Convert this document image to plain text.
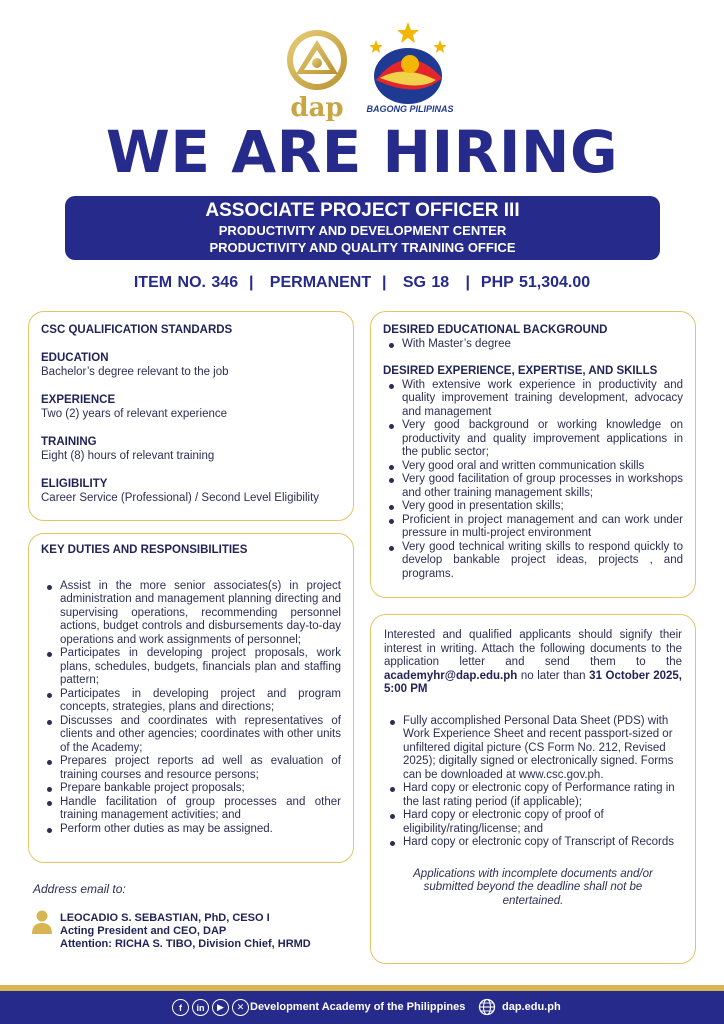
dap	BAGONG PILIPINAS
WE ARE HIRING
ASSOCIATE PROJECT OFFICER III
PRODUCTIVITY AND DEVELOPMENT CENTER
PRODUCTIVITY AND QUALITY TRAINING OFFICE
ITEM NO. 346  |   PERMANENT  |   SG 18   |  PHP 51,304.00
CSC QUALIFICATION STANDARDS
EDUCATION

Bachelor’s degree relevant to the job

EXPERIENCE

Two (2) years of relevant experience

TRAINING

Eight (8) hours of relevant training

ELIGIBILITY

Career Service (Professional) / Second Level Eligibility

KEY DUTIES AND RESPONSIBILITIES
Assist in the more senior associates(s) in project administration and management planning directing and supervising operations, recommending personnel actions, budget controls and disbursements day-to-day operations and work assignments of personnel;
Participates in developing project proposals, work plans, schedules, budgets, financials plan and staffing pattern;
Participates in developing project and program concepts, strategies, plans and directions;
Discusses and coordinates with representatives of clients and other agencies; coordinates with other units of the Academy;
Prepares project reports ad well as evaluation of training courses and resource persons;
Prepare bankable project proposals;
Handle facilitation of group processes and other training management activities; and
Perform other duties as may be assigned.
DESIRED EDUCATIONAL BACKGROUND
With Master’s degree
DESIRED EXPERIENCE, EXPERTISE, AND SKILLS
With extensive work experience in productivity and quality improvement training development, advocacy and management
Very good background or working knowledge on productivity and quality improvement applications in the public sector;
Very good oral and written communication skills
Very good facilitation of group processes in workshops and other training management skills;
Very good in presentation skills;
Proficient in project management and can work under pressure in multi-project environment
Very good technical writing skills to respond quickly to develop bankable project ideas, projects , and programs.

Interested and qualified applicants should signify their interest in writing. Attach the following documents to the application letter and send them to the academyhr@dap.edu.ph no later than 31 October 2025, 5:00 PM

Fully accomplished Personal Data Sheet (PDS) with Work Experience Sheet and recent passport-sized or unfiltered digital picture (CS Form No. 212, Revised 2025); digitally signed or electronically signed. Forms can be downloaded at www.csc.gov.ph.
Hard copy or electronic copy of Performance rating in the last rating period (if applicable);
Hard copy or electronic copy of proof of eligibility/rating/license; and
Hard copy or electronic copy of Transcript of Records

Applications with incomplete documents and/or submitted beyond the deadline shall not be entertained.

Address email to:
LEOCADIO S. SEBASTIAN, PhD, CESO I
Acting President and CEO, DAP
Attention: RICHA S. TIBO, Division Chief, HRMD
f	in	▶	✕ Development Academy of the Philippines	dap.edu.ph
